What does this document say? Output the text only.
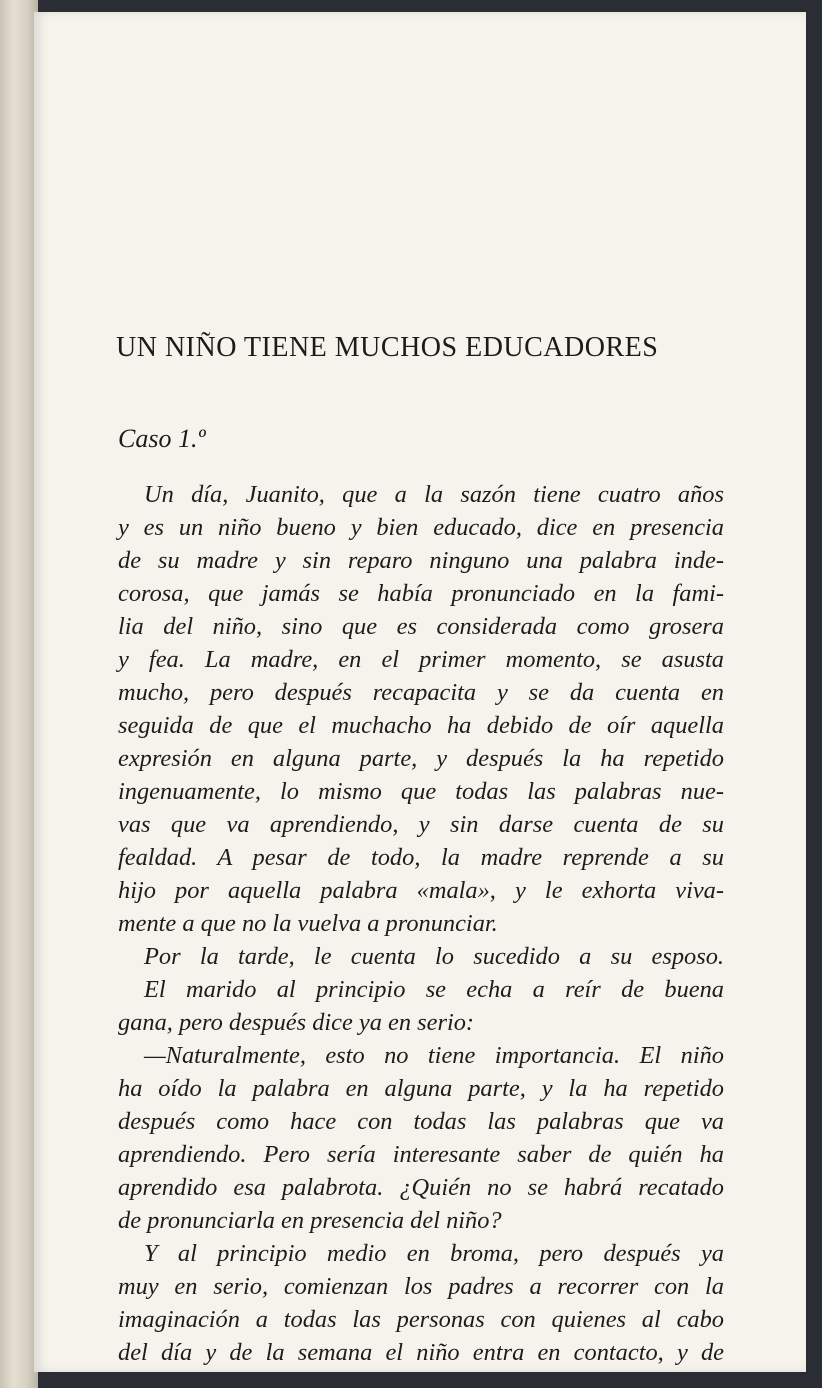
UN NIÑO TIENE MUCHOS EDUCADORES
Caso 1.º
Un día, Juanito, que a la sazón tiene cuatro años
y es un niño bueno y bien educado, dice en presencia
de su madre y sin reparo ninguno una palabra inde-
corosa, que jamás se había pronunciado en la fami-
lia del niño, sino que es considerada como grosera
y fea. La madre, en el primer momento, se asusta
mucho, pero después recapacita y se da cuenta en
seguida de que el muchacho ha debido de oír aquella
expresión en alguna parte, y después la ha repetido
ingenuamente, lo mismo que todas las palabras nue-
vas que va aprendiendo, y sin darse cuenta de su
fealdad. A pesar de todo, la madre reprende a su
hijo por aquella palabra «mala», y le exhorta viva-
mente a que no la vuelva a pronunciar.
Por la tarde, le cuenta lo sucedido a su esposo.
El marido al principio se echa a reír de buena
gana, pero después dice ya en serio:
—Naturalmente, esto no tiene importancia. El niño
ha oído la palabra en alguna parte, y la ha repetido
después como hace con todas las palabras que va
aprendiendo. Pero sería interesante saber de quién ha
aprendido esa palabrota. ¿Quién no se habrá recatado
de pronunciarla en presencia del niño?
Y al principio medio en broma, pero después ya
muy en serio, comienzan los padres a recorrer con la
imaginación a todas las personas con quienes al cabo
del día y de la semana el niño entra en contacto, y de
